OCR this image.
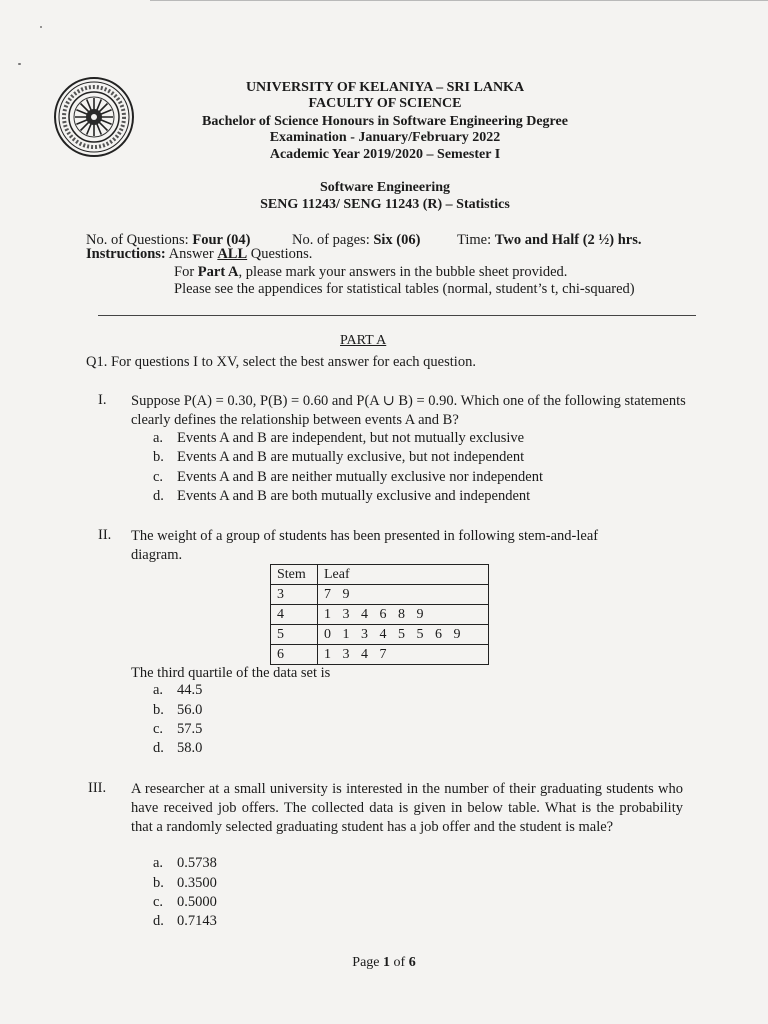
UNIVERSITY OF KELANIYA – SRI LANKA
FACULTY OF SCIENCE
Bachelor of Science Honours in Software Engineering Degree
Examination - January/February 2022
Academic Year 2019/2020 – Semester I
Software Engineering
SENG 11243/ SENG 11243 (R) – Statistics
No. of Questions: Four (04)	No. of pages: Six (06)	Time: Two and Half (2 ½) hrs.
Instructions: Answer ALL Questions.
For Part A, please mark your answers in the bubble sheet provided.
Please see the appendices for statistical tables (normal, student’s t, chi-squared)
PART A
Q1. For questions I to XV, select the best answer for each question.
I. Suppose P(A) = 0.30, P(B) = 0.60 and P(A ∪ B) = 0.90. Which one of the following statements clearly defines the relationship between events A and B?
a. Events A and B are independent, but not mutually exclusive
b. Events A and B are mutually exclusive, but not independent
c. Events A and B are neither mutually exclusive nor independent
d. Events A and B are both mutually exclusive and independent
II. The weight of a group of students has been presented in following stem-and-leaf diagram.
Stem	Leaf
3	7 9
4	1 3 4 6 8 9
5	0 1 3 4 5 5 6 9
6	1 3 4 7
The third quartile of the data set is
a. 44.5
b. 56.0
c. 57.5
d. 58.0
III. A researcher at a small university is interested in the number of their graduating students who have received job offers. The collected data is given in below table. What is the probability that a randomly selected graduating student has a job offer and the student is male?
a. 0.5738
b. 0.3500
c. 0.5000
d. 0.7143
Page 1 of 6
